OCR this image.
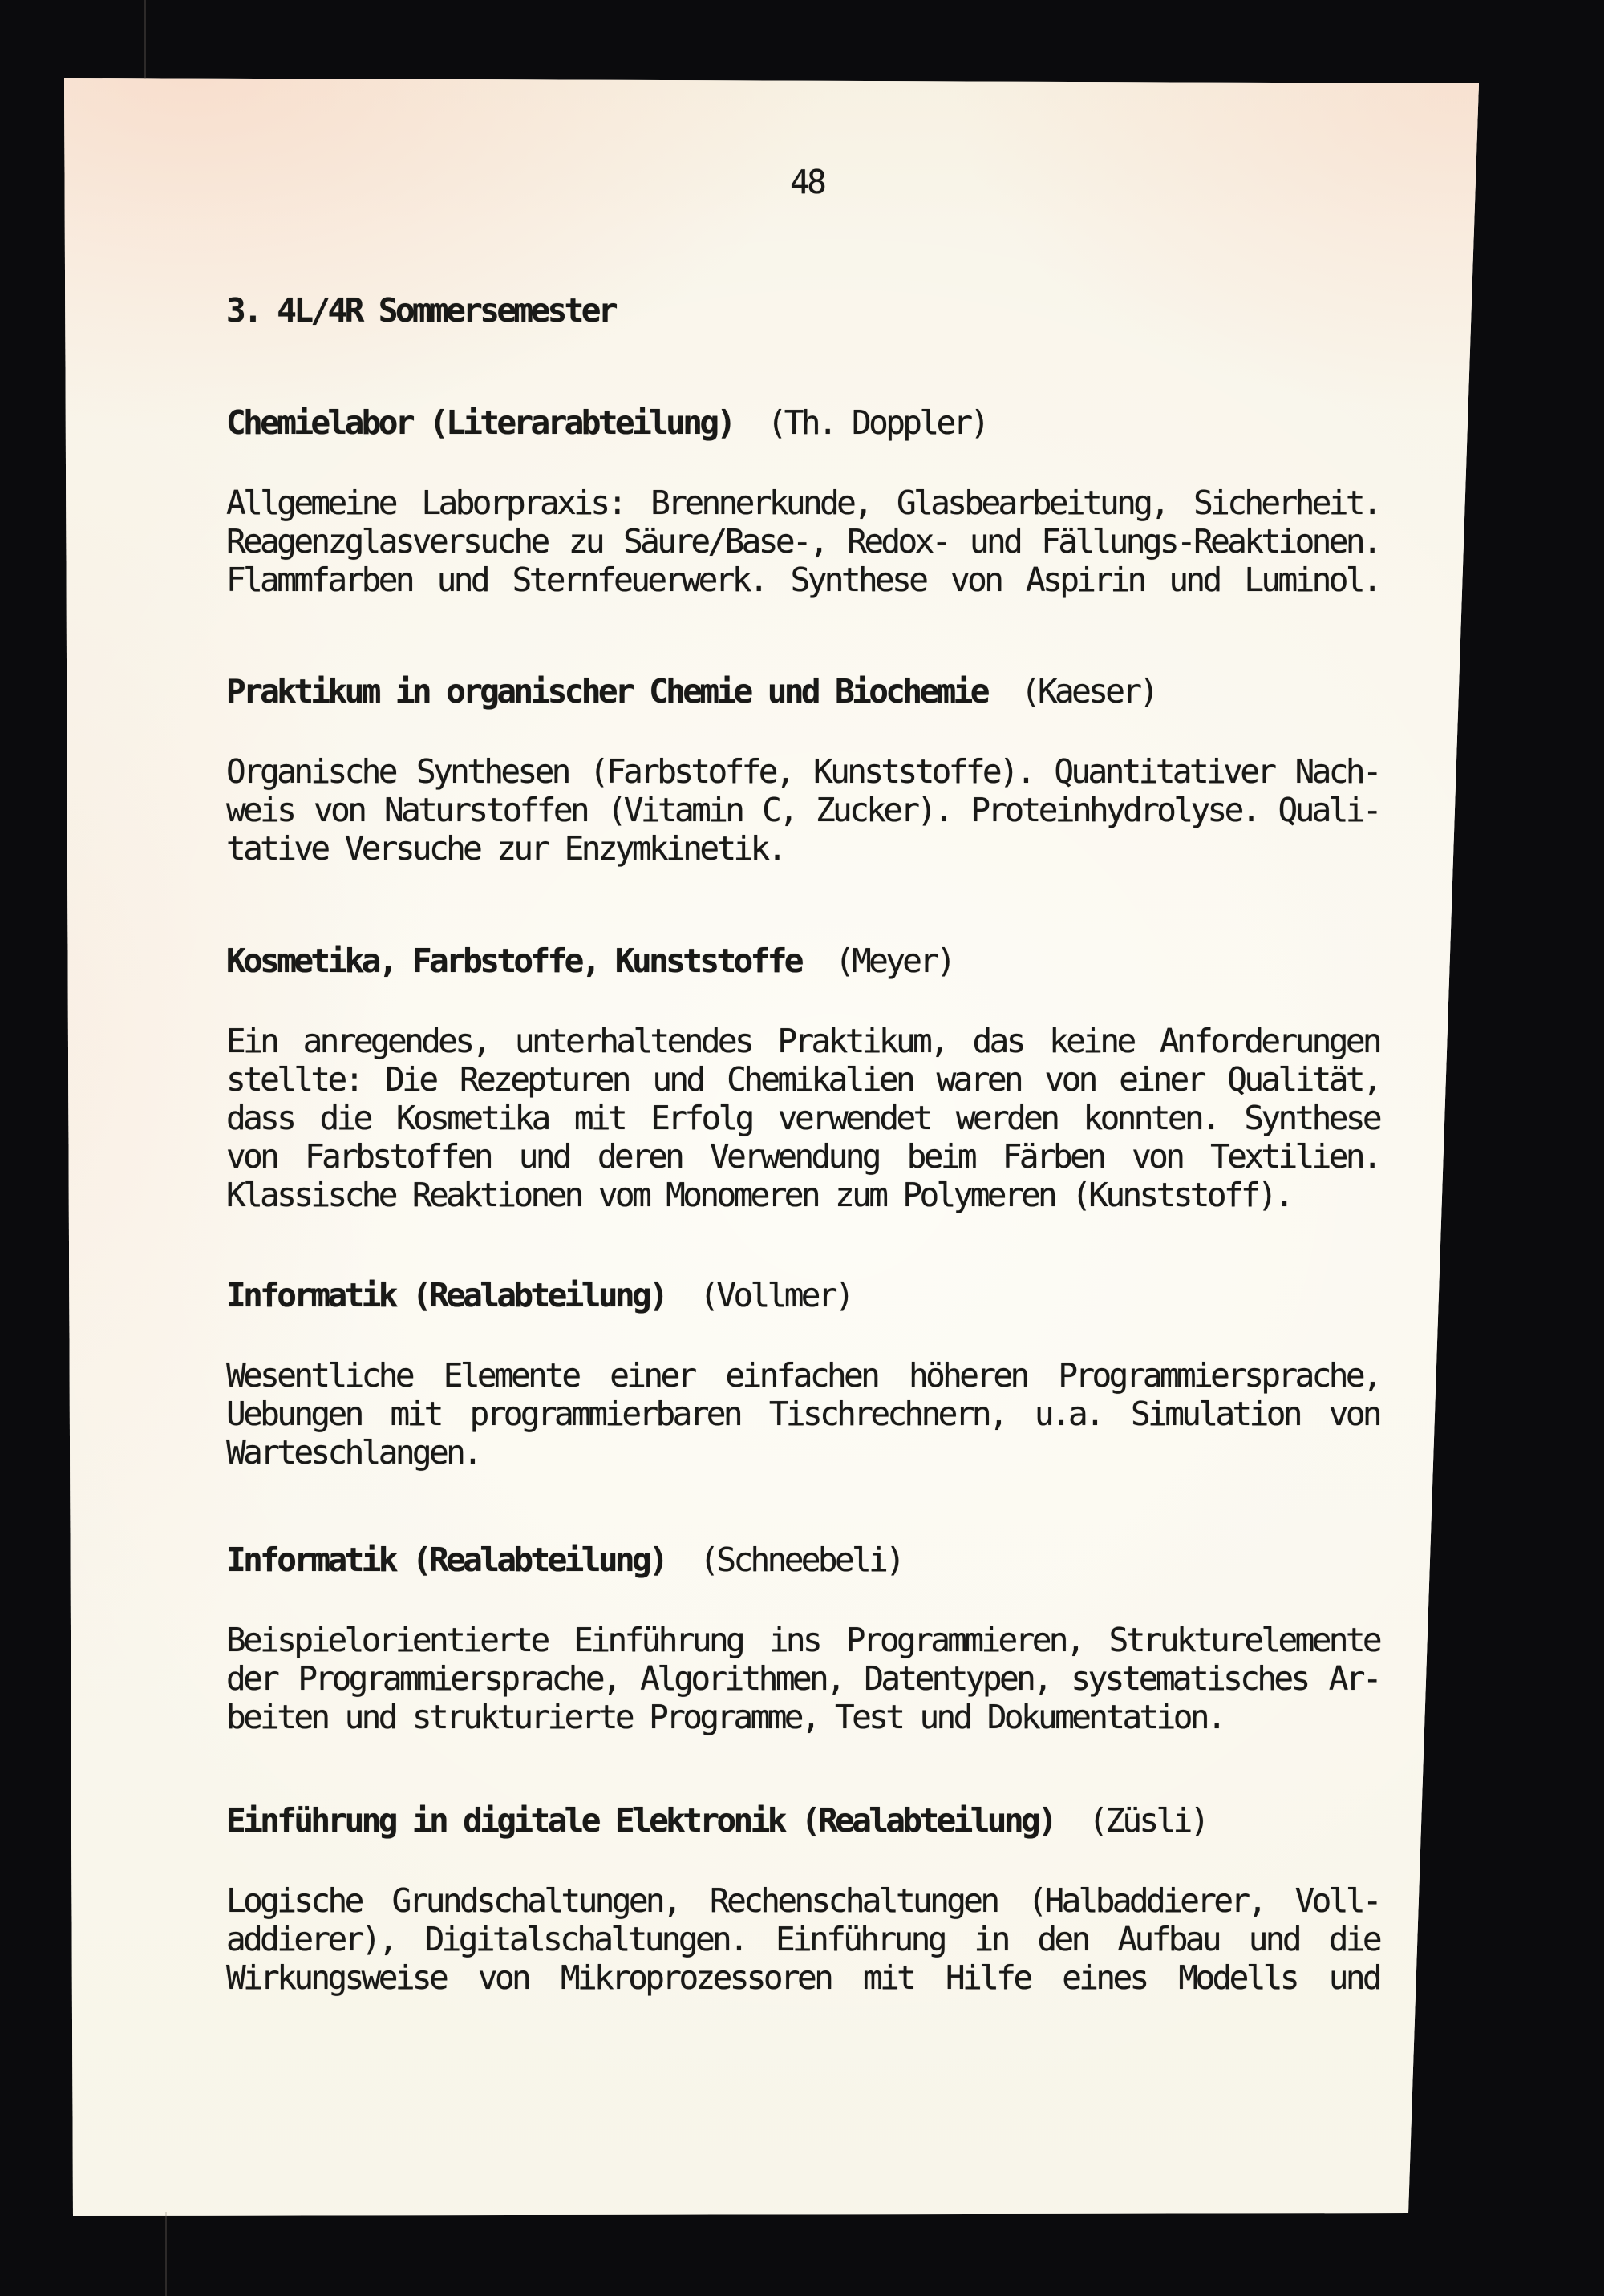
48
3. 4L/4R Sommersemester
Chemielabor (Literarabteilung) (Th. Doppler)
Allgemeine Laborpraxis: Brennerkunde, Glasbearbeitung, Sicherheit.
Reagenzglasversuche zu Säure/Base-, Redox- und Fällungs-Reaktionen.
Flammfarben und Sternfeuerwerk. Synthese von Aspirin und Luminol.
Praktikum in organischer Chemie und Biochemie (Kaeser)
Organische Synthesen (Farbstoffe, Kunststoffe). Quantitativer Nach-
weis von Naturstoffen (Vitamin C, Zucker). Proteinhydrolyse. Quali-
tative Versuche zur Enzymkinetik.
Kosmetika, Farbstoffe, Kunststoffe (Meyer)
Ein anregendes, unterhaltendes Praktikum, das keine Anforderungen
stellte: Die Rezepturen und Chemikalien waren von einer Qualität,
dass die Kosmetika mit Erfolg verwendet werden konnten. Synthese
von Farbstoffen und deren Verwendung beim Färben von Textilien.
Klassische Reaktionen vom Monomeren zum Polymeren (Kunststoff).
Informatik (Realabteilung) (Vollmer)
Wesentliche Elemente einer einfachen höheren Programmiersprache,
Uebungen mit programmierbaren Tischrechnern, u.a. Simulation von
Warteschlangen.
Informatik (Realabteilung) (Schneebeli)
Beispielorientierte Einführung ins Programmieren, Strukturelemente
der Programmiersprache, Algorithmen, Datentypen, systematisches Ar-
beiten und strukturierte Programme, Test und Dokumentation.
Einführung in digitale Elektronik (Realabteilung) (Züsli)
Logische Grundschaltungen, Rechenschaltungen (Halbaddierer, Voll-
addierer), Digitalschaltungen. Einführung in den Aufbau und die
Wirkungsweise von Mikroprozessoren mit Hilfe eines Modells und
